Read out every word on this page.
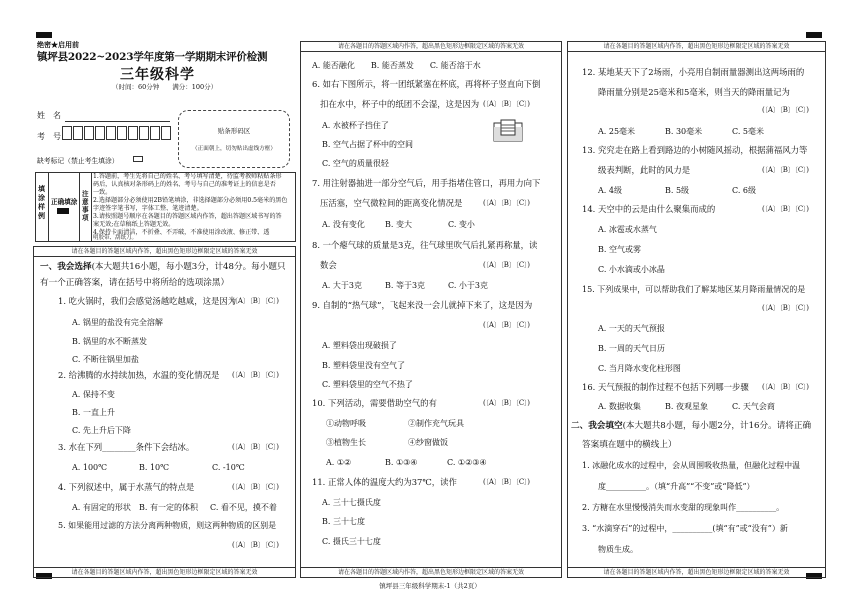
绝密★启用前
镇坪县2022~2023学年度第一学期期末评价检测
三年级科学
（时间：60分钟　　满分：100分）
姓　名
考　号
贴条形码区
（正面朝上，切勿贴出虚线方框）
缺考标记（禁止考生填涂）
填涂样例
正确填涂
注意事项
1.答题前，考生先将自己的姓名、考号填写清楚，待监考教师粘贴条形
码后，认真核对条形码上的姓名、考号与自己的准考证上的信息是否
一致。
2.选择题部分必须使用2B铅笔填涂，非选择题部分必须用0.5毫米的黑色
字迹签字笔书写，字体工整、笔迹清楚。
3.请按照题号顺序在各题目的答题区域内作答，超出答题区域书写的答
案无效;在草稿纸上答题无效。
4.保持卡面清洁，不折叠、不弄破，不准使用涂改液、修正带、透
明胶带、刮纸刀。
请在各题目的答题区域内作答，超出黑色矩形边框限定区域的答案无效
请在各题目的答题区域内作答，超出黑色矩形边框限定区域的答案无效
一、我会选择(本大题共16小题，每小题3分，计48分。每小题只
有一个正确答案，请在括号中将所给的选项涂黑）
1. 吃火锅时，我们会感觉汤越吃越咸，这是因为
(〔A〕〔B〕〔C〕)
A. 锅里的盐没有完全溶解
B. 锅里的水不断蒸发
C. 不断往锅里加盐
2. 给沸腾的水持续加热，水温的变化情况是 (〔A〕〔B〕〔C〕)
A. 保持不变
B. 一直上升
C. 先上升后下降
3. 水在下列________条件下会结冰。	(〔A〕〔B〕〔C〕)
A. 100℃	B. 10℃	C. -10℃
4. 下列叙述中，属于水蒸气的特点是	(〔A〕〔B〕〔C〕)
A. 有固定的形状 B. 有一定的体积 C. 看不见，摸不着
5. 如果能用过滤的方法分离两种物质，则这两种物质的区别是
(〔A〕〔B〕〔C〕)
请在各题目的答题区域内作答，超出黑色矩形边框限定区域的答案无效
请在各题目的答题区域内作答，超出黑色矩形边框限定区域的答案无效
A. 能否融化　　B. 能否蒸发　　C. 能否溶于水
6. 如右下图所示，将一团纸紧塞在杯底，再将杯子竖直向下倒
扣在水中，杯子中的纸团不会湿，这是因为 (〔A〕〔B〕〔C〕)
A. 水被杯子挡住了
B. 空气占据了杯中的空间
C. 空气的质量很轻
7. 用注射器抽进一部分空气后，用手指堵住管口，再用力向下
压活塞，空气微粒间的距离变化情况是	(〔A〕〔B〕〔C〕)
A. 没有变化	B. 变大	C. 变小
8. 一个瘪气球的质量是3克，往气球里吹气后扎紧再称量，读
数会	(〔A〕〔B〕〔C〕)
A. 大于3克	B. 等于3克	C. 小于3克
9. 自制的“热气球”，飞起来没一会儿就掉下来了，这是因为
(〔A〕〔B〕〔C〕)
A. 塑料袋出现破损了
B. 塑料袋里没有空气了
C. 塑料袋里的空气不热了
10. 下列活动，需要借助空气的有	(〔A〕〔B〕〔C〕)
①动物呼吸	②制作充气玩具
③植物生长	④纱窗做饭
A. ①②	B. ①③④	C. ①②③④
11. 正常人体的温度大约为37℃，读作	(〔A〕〔B〕〔C〕)
A. 三十七摄氏度
B. 三十七度
C. 摄氏三十七度
请在各题目的答题区域内作答，超出黑色矩形边框限定区域的答案无效
请在各题目的答题区域内作答，超出黑色矩形边框限定区域的答案无效
12. 某地某天下了2场雨，小亮用自制雨量器测出这两场雨的
降雨量分别是25毫米和5毫米，则当天的降雨量记为
(〔A〕〔B〕〔C〕)
A. 25毫米	B. 30毫米	C. 5毫米
13. 究究走在路上看到路边的小树随风摇动，根据蒲福风力等
级表判断，此时的风力是	(〔A〕〔B〕〔C〕)
A. 4级	B. 5级	C. 6级
14. 天空中的云是由什么聚集而成的	(〔A〕〔B〕〔C〕)
A. 冰雹或水蒸气
B. 空气或雾
C. 小水滴或小冰晶
15. 下列成果中，可以帮助我们了解某地区某月降雨量情况的是
(〔A〕〔B〕〔C〕)
A. 一天的天气预报
B. 一周的天气日历
C. 当月降水变化柱形图
16. 天气预报的制作过程不包括下列哪一步骤 (〔A〕〔B〕〔C〕)
A. 数据收集	B. 夜观星象	C. 天气会商
二、我会填空(本大题共8小题，每小题2分，计16分。请将正确
答案填在题中的横线上）
1. 冰融化成水的过程中，会从周围吸收热量，但融化过程中温
度__________。（填“升高”“不变”或“降低”）
2. 方糖在水里慢慢消失而水变甜的现象叫作__________。
3. “水滴穿石”的过程中，__________(填“有”或“没有”）新
物质生成。
镇坪县三年级科学期末-1（共2页）
